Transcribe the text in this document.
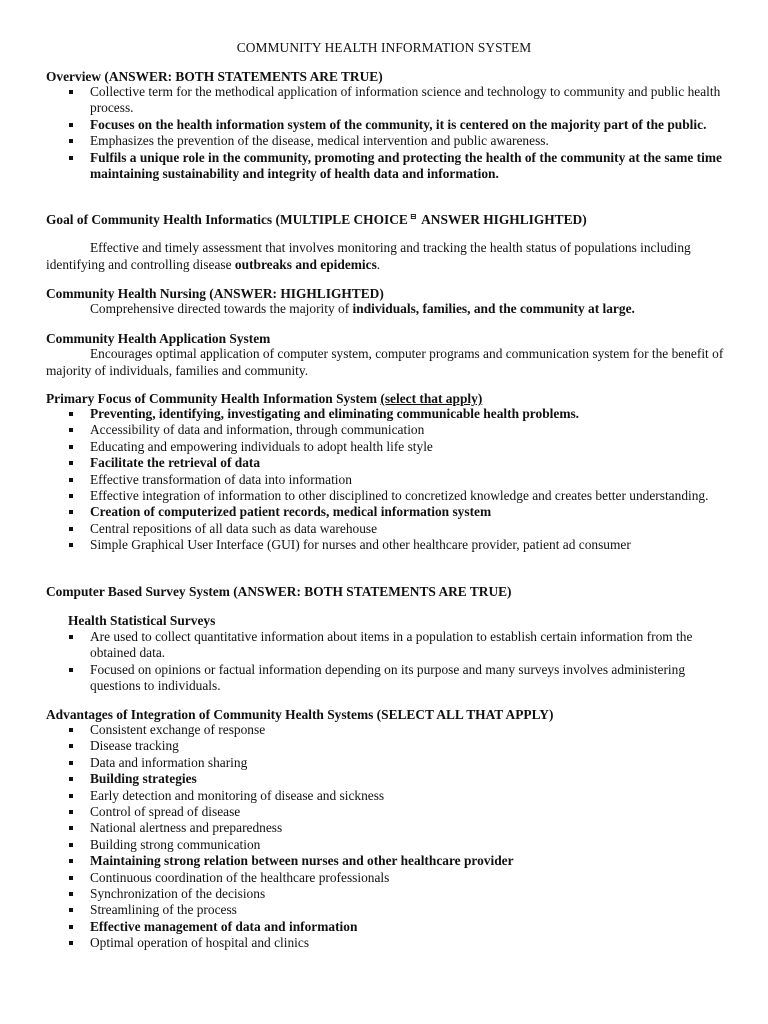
COMMUNITY HEALTH INFORMATION SYSTEM

Overview (ANSWER: BOTH STATEMENTS ARE TRUE)

Collective term for the methodical application of information science and technology to community and public health process.
Focuses on the health information system of the community, it is centered on the majority part of the public.
Emphasizes the prevention of the disease, medical intervention and public awareness.
Fulfils a unique role in the community, promoting and protecting the health of the community at the same time maintaining sustainability and integrity of health data and information.

Goal of Community Health Informatics (MULTIPLE CHOICE ⊟ ANSWER HIGHLIGHTED)

Effective and timely assessment that involves monitoring and tracking the health status of populations including identifying and controlling disease outbreaks and epidemics.

Community Health Nursing (ANSWER: HIGHLIGHTED)

Comprehensive directed towards the majority of individuals, families, and the community at large.

Community Health Application System

Encourages optimal application of computer system, computer programs and communication system for the benefit of majority of individuals, families and community.

Primary Focus of Community Health Information System (select that apply)

Preventing, identifying, investigating and eliminating communicable health problems.
Accessibility of data and information, through communication
Educating and empowering individuals to adopt health life style
Facilitate the retrieval of data
Effective transformation of data into information
Effective integration of information to other disciplined to concretized knowledge and creates better understanding.
Creation of computerized patient records, medical information system
Central repositions of all data such as data warehouse
Simple Graphical User Interface (GUI) for nurses and other healthcare provider, patient ad consumer

Computer Based Survey System (ANSWER: BOTH STATEMENTS ARE TRUE)

Health Statistical Surveys

Are used to collect quantitative information about items in a population to establish certain information from the obtained data.
Focused on opinions or factual information depending on its purpose and many surveys involves administering questions to individuals.

Advantages of Integration of Community Health Systems (SELECT ALL THAT APPLY)

Consistent exchange of response
Disease tracking
Data and information sharing
Building strategies
Early detection and monitoring of disease and sickness
Control of spread of disease
National alertness and preparedness
Building strong communication
Maintaining strong relation between nurses and other healthcare provider
Continuous coordination of the healthcare professionals
Synchronization of the decisions
Streamlining of the process
Effective management of data and information
Optimal operation of hospital and clinics
